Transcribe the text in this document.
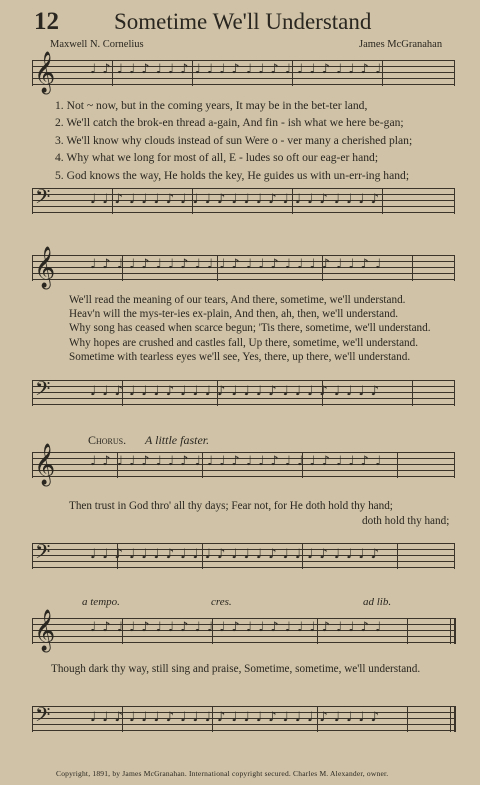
12 Sometime We'll Understand
Maxwell N. Cornelius	James McGranahan
𝄞	♩ ♪ ♩ ♩ ♪ ♩ ♩ ♪ ♩ ♩ ♩ ♪ ♩ ♩ ♪ ♩ ♩ ♩ ♪ ♩ ♩ ♪ ♩
1. Not ~ now, but in the coming years, It may be in the bet-ter land,
2. We'll catch the brok-en thread a-gain, And fin - ish what we here be-gan;
3. We'll know why clouds instead of sun Were o - ver many a cherished plan;
4. Why what we long for most of all, E - ludes so oft our eag-er hand;
5. God knows the way, He holds the key, He guides us with un-err-ing hand;
𝄢	♩ ♩ ♪ ♩ ♩ ♩ ♪ ♩ ♩ ♩ ♪ ♩ ♩ ♩ ♪ ♩ ♩ ♩ ♪ ♩ ♩ ♩ ♪
𝄞	♩ ♪ ♩ ♩ ♪ ♩ ♩ ♪ ♩ ♩ ♩ ♪ ♩ ♩ ♪ ♩ ♩ ♩ ♪ ♩ ♩ ♪ ♩
We'll read the meaning of our tears, And there, sometime, we'll understand.
Heav'n will the mys-ter-ies ex-plain, And then, ah, then, we'll understand.
Why song has ceased when scarce begun; 'Tis there, sometime, we'll understand.
Why hopes are crushed and castles fall, Up there, sometime, we'll understand.
Sometime with tearless eyes we'll see, Yes, there, up there, we'll understand.
𝄢	♩ ♩ ♪ ♩ ♩ ♩ ♪ ♩ ♩ ♩ ♪ ♩ ♩ ♩ ♪ ♩ ♩ ♩ ♪ ♩ ♩ ♩ ♪
Chorus. A little faster.
𝄞	♩ ♪ ♩ ♩ ♪ ♩ ♩ ♪ ♩ ♩ ♩ ♪ ♩ ♩ ♪ ♩ ♩ ♩ ♪ ♩ ♩ ♪ ♩
Then trust in God thro' all thy days; Fear not, for He doth hold thy hand;
doth hold thy hand;
𝄢	♩ ♩ ♪ ♩ ♩ ♩ ♪ ♩ ♩ ♩ ♪ ♩ ♩ ♩ ♪ ♩ ♩ ♩ ♪ ♩ ♩ ♩ ♪
a tempo.	cres.	ad lib.
𝄞	♩ ♪ ♩ ♩ ♪ ♩ ♩ ♪ ♩ ♩ ♩ ♪ ♩ ♩ ♪ ♩ ♩ ♩ ♪ ♩ ♩ ♪ ♩
Though dark thy way, still sing and praise, Sometime, sometime, we'll understand.
𝄢	♩ ♩ ♪ ♩ ♩ ♩ ♪ ♩ ♩ ♩ ♪ ♩ ♩ ♩ ♪ ♩ ♩ ♩ ♪ ♩ ♩ ♩ ♪
Copyright, 1891, by James McGranahan. International copyright secured. Charles M. Alexander, owner.
